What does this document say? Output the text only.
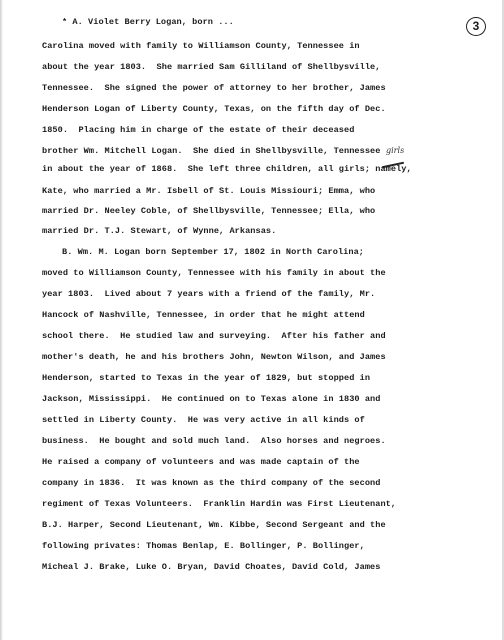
3
girls
* A. Violet Berry Logan, born ...
Carolina moved with family to Williamson County, Tennessee in
about the year 1803.  She married Sam Gilliland of Shellbysville,
Tennessee.  She signed the power of attorney to her brother, James
Henderson Logan of Liberty County, Texas, on the fifth day of Dec.
1850.  Placing him in charge of the estate of their deceased
brother Wm. Mitchell Logan.  She died in Shellbysville, Tennessee
in about the year of 1868.  She left three children, all girls; namely,
Kate, who married a Mr. Isbell of St. Louis Missiouri; Emma, who
married Dr. Neeley Coble, of Shellbysville, Tennessee; Ella, who
married Dr. T.J. Stewart, of Wynne, Arkansas.
B. Wm. M. Logan born September 17, 1802 in North Carolina;
moved to Williamson County, Tennessee with his family in about the
year 1803.  Lived about 7 years with a friend of the family, Mr.
Hancock of Nashville, Tennessee, in order that he might attend
school there.  He studied law and surveying.  After his father and
mother's death, he and his brothers John, Newton Wilson, and James
Henderson, started to Texas in the year of 1829, but stopped in
Jackson, Mississippi.  He continued on to Texas alone in 1830 and
settled in Liberty County.  He was very active in all kinds of
business.  He bought and sold much land.  Also horses and negroes.
He raised a company of volunteers and was made captain of the
company in 1836.  It was known as the third company of the second
regiment of Texas Volunteers.  Franklin Hardin was First Lieutenant,
B.J. Harper, Second Lieutenant, Wm. Kibbe, Second Sergeant and the
following privates: Thomas Benlap, E. Bollinger, P. Bollinger,
Micheal J. Brake, Luke O. Bryan, David Choates, David Cold, James
